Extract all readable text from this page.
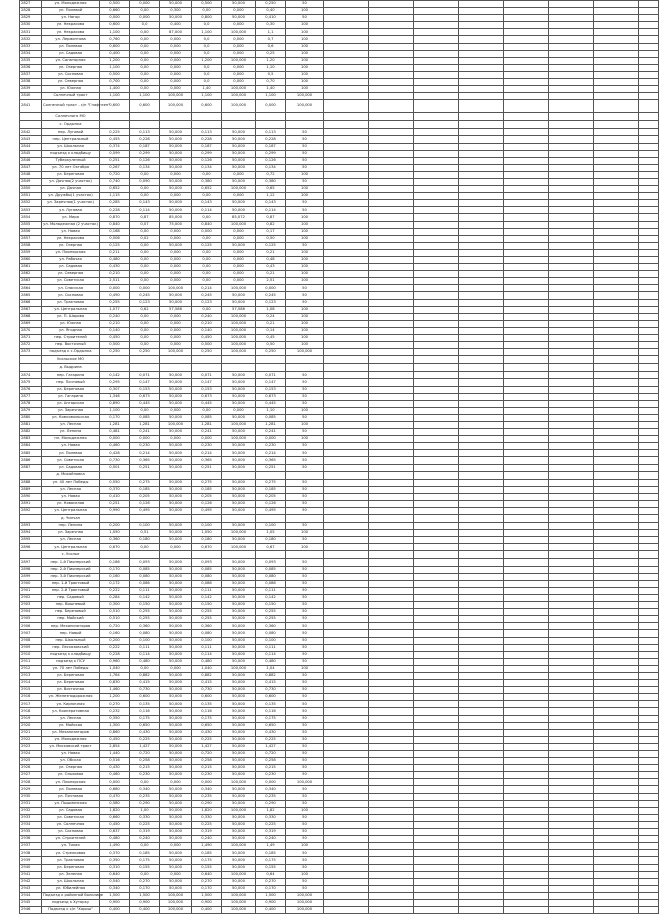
2827	ул. Молодежная	0,500	0,000	50,000	0,500	50,000	0,250	50								
2828	ул. Полевой	0,660	0,00	0,300	0,00	0,000	0,40	100								
2829	ул. Нагор	0,000	0,000	50,000	0,800	50,000	0,410	50								
2830	ул. Некрасова	0,600	0,0	0,400	0,0	0,000	0,30	100								
2831	ул. Некрасова	1,100	0,00	87,000	1,100	100,000	1,1	100								
2832	ул. Лермонтова	0,760	0,00	0,000	0,0	0,000	0,7	100								
2833	ул. Полевая	0,600	0,00	0,000	0,0	0,000	0,6	100								
2834	ул. Садовая	0,400	0,00	0,000	0,0	0,000	0,25	100								
2835	ул. Санаторная	1,200	0,00	0,000	1,200	100,000	1,20	100								
2836	ул. Озерная	1,100	0,00	0,000	0,0	0,000	1,10	100								
2837	ул. Сосновая	0,500	0,00	0,000	0,0	0,000	0,5	100								
2838	ул. Северная	0,700	0,00	0,000	0,0	0,000	0,70	100								
2839	ул. Южная	1,400	0,00	0,000	1,40	100,000	1,40	100								
2840	Солнечный тракт	1,100	1,100	100,000	1,100	100,000	1,100	100,000								
2841	Солнечный тракт - с/п "Гнафгеен"	0,600	0,600	100,000	0,600	100,000	0,000	100,000								
	Солнечного МО															
	с. Ордынка															
2842	пер. Луговой	0,225	0,113	50,000	0,113	50,000	0,113	50								
2843	пер. Центральный	0,455	0,228	50,000	0,228	50,000	0,228	50								
2844	ул. Школьная	0,374	0,187	50,000	0,187	50,000	0,187	50								
2845	подъезд к кладбищу	0,599	0,299	50,000	0,299	50,000	0,299	50								
2846	Туберкулезный	0,251	0,126	50,000	0,126	50,000	0,126	50								
2847	ул. 70 лет Октября	0,267	0,134	50,000	0,134	50,000	0,134	50								
2848	ул. Береговая	0,720	0,00	0,000	0,00	0,000	0,72	100								
2849	ул. Дачная(2 участок)	0,740	0,090	50,000	0,380	50,000	0,380	50								
2850	ул. Дачная	0,652	0,00	50,000	0,652	100,000	0,65	100								
2851	ул. Дружбы(1 участок)	1,115	0,00	0,000	0,00	0,000	1,12	100								
2852	ул. Заречная(1 участок)	0,285	0,143	50,000	0,143	50,000	0,143	50								
2853	ул. Луговая	0,228	0,114	50,000	0,114	50,000	0,114	50								
2854	ул. Мира	0,870	0,87	85,000	0,00	85,072	0,87	100								
2855	ул. Молодежная (2 участок)	0,840	0,07	75,000	0,840	100,000	0,82	100								
2856	ул. Новая	0,168	0,00	0,000	0,000	0,000	0,17	100								
2857	ул. Некрасова	0,506	0,02	0,000	0,00	0,000	0,50	100								
2858	ул. Озерная	0,125	0,00	50,000	0,125	50,000	0,125	50								
2859	ул. Пионерская	0,211	0,00	0,000	0,00	0,000	0,21	100								
2860	ул. Рабочая	0,480	0,00	0,000	0,00	0,000	0,48	100								
2861	ул. Садовая	0,430	0,00	0,000	0,00	0,000	0,43	100								
2862	ул. Северная	0,210	0,00	0,000	0,00	0,000	0,21	100								
2863	ул. Советская	2,511	0,00	0,000	0,00	0,000	2,51	100								
2864	ул. Спасская	0,000	0,000	100,000	0,214	100,000	0,000	50								
2865	ул. Сосновая	0,490	0,245	50,000	0,245	50,000	0,245	50								
2866	ул. Трактовая	0,255	0,123	50,000	0,123	50,000	0,123	50								
2867	ул. Центральная	1,077	0,62	57,586	0,00	57,586	1,08	100								
2868	ул. П. Шарова	0,240	0,00	0,000	0,240	100,000	0,24	100								
2869	ул. Южная	0,210	0,00	0,000	0,210	100,000	0,21	100								
2870	ул. Ягодная	0,140	0,00	0,000	0,140	100,000	0,14	100								
2871	пер. Строителей	0,450	0,00	0,000	0,450	100,000	0,45	100								
2872	пер. Восточный	0,500	0,00	0,000	0,500	100,000	0,50	100								
2873	подъезд к с.Ордынка	0,250	0,250	100,000	0,250	100,000	0,250	100,000								
	Усольское МО															
	д. Выдрина															
2874	пер. Гагарина	0,142	0,071	50,000	0,071	50,000	0,071	50								
2875	пер. Почтовый	0,295	0,147	50,000	0,147	50,000	0,147	50								
2876	ул. Береговая	0,307	0,153	50,000	0,153	50,000	0,153	50								
2877	ул. Гагарина	1,346	0,673	50,000	0,673	50,000	0,673	50								
2878	ул. Ангарская	0,890	0,445	50,000	0,445	50,000	0,445	50								
2879	ул. Заречная	1,100	0,00	0,000	0,00	0,000	1,10	100								
2880	ул. Комсомольская	0,170	0,085	50,000	0,085	50,000	0,085	50								
2881	ул. Лесная	1,281	1,281	100,000	1,281	100,000	1,281	100								
2882	ул. Ленина	0,481	0,241	50,000	0,241	50,000	0,241	50								
2883	пл. Молодежная	0,000	0,000	0,000	0,000	100,000	0,000	100								
2884	ул. Новая	0,460	0,230	50,000	0,230	50,000	0,230	50								
2885	ул. Полевая	0,428	0,214	50,000	0,214	50,000	0,214	50								
2886	ул. Советская	0,730	0,365	50,000	0,365	50,000	0,365	50								
2887	ул. Садовая	0,501	0,251	50,000	0,251	50,000	0,251	50								
	д. Михайловка															
2888	ул. 40 лет Победы	0,550	0,275	50,000	0,275	50,000	0,275	50								
2889	ул. Лесная	0,370	0,185	50,000	0,185	50,000	0,185	50								
2890	ул. Новая	0,410	0,205	50,000	0,205	50,000	0,205	50								
2891	ул. Новоселов	0,251	0,126	50,000	0,126	50,000	0,126	50								
2892	ул. Центральная	0,990	0,495	50,000	0,495	50,000	0,495	50								
	д. Чилчан															
2893	пер. Ленина	0,200	0,100	50,000	0,100	50,000	0,100	50								
2894	ул. Заречная	1,050	0,51	50,000	1,050	100,000	1,05	100								
2895	ул. Лесная	0,360	0,180	50,000	0,180	50,000	0,180	50								
2896	ул. Центральная	0,670	0,00	0,000	0,670	100,000	0,67	100								
	с. Усолье															
2897	пер. 1-й Пионерский	0,186	0,093	50,000	0,093	50,000	0,093	50								
2898	пер. 2-й Пионерский	0,170	0,085	50,000	0,085	50,000	0,085	50								
2899	пер. 3-й Пионерский	0,160	0,080	50,000	0,080	50,000	0,080	50								
2900	пер. 1-й Трактовый	0,172	0,086	50,000	0,086	50,000	0,086	50								
2901	пер. 2-й Трактовый	0,222	0,111	50,000	0,111	50,000	0,111	50								
2902	пер. Садовый	0,284	0,142	50,000	0,142	50,000	0,142	50								
2903	пер. Вишневый	0,300	0,150	50,000	0,150	50,000	0,150	50								
2904	пер. Березовый	0,510	0,255	50,000	0,255	50,000	0,255	50								
2905	пер. Майский	0,510	0,255	50,000	0,255	50,000	0,255	50								
2906	пер. Механизаторов	0,720	0,360	50,000	0,360	50,000	0,360	50								
2907	пер. Новый	0,160	0,080	50,000	0,080	50,000	0,080	50								
2908	пер. Школьный	0,200	0,100	50,000	0,100	50,000	0,100	50								
2909	пер. Лесхозовский	0,222	0,111	50,000	0,111	50,000	0,111	50								
2910	подъезд к кладбищу	0,228	0,114	50,000	0,114	50,000	0,114	50								
2911	подъезд к ПСУ	0,960	0,480	50,000	0,480	50,000	0,480	50								
2912	ул. 70 лет Победы	1,040	0,00	0,000	1,040	100,000	1,04	100								
2913	ул. Береговая	1,764	0,882	50,000	0,882	50,000	0,882	50								
2914	ул. Береговая	0,830	0,415	50,000	0,415	50,000	0,415	50								
2915	ул. Восточная	1,460	0,730	50,000	0,730	50,000	0,730	50								
2916	ул. Железнодорожная	1,200	0,600	50,000	0,600	50,000	0,600	50								
2917	ул. Кирпичная	0,270	0,135	50,000	0,135	50,000	0,135	50								
2918	ул. Кооперативная	0,232	0,116	50,000	0,116	50,000	0,116	50								
2919	ул. Лесная	0,350	0,175	50,000	0,175	50,000	0,175	50								
2920	ул. Майская	1,300	0,650	50,000	0,650	50,000	0,650	50								
2921	ул. Механизаторов	0,860	0,430	50,000	0,430	50,000	0,430	50								
2922	ул. Молодежная	0,450	0,225	50,000	0,225	50,000	0,225	50								
2923	ул. Московский тракт	2,854	1,427	50,000	1,427	50,000	1,427	50								
2924	ул. Новая	1,440	0,720	50,000	0,720	50,000	0,720	50								
2925	ул. Обская	0,516	0,258	50,000	0,258	50,000	0,258	50								
2926	ул. Озерная	0,430	0,215	50,000	0,215	50,000	0,215	50								
2927	ул. Ольховая	0,460	0,230	50,000	0,230	50,000	0,230	50								
2928	ул. Пионерская	0,000	0,00	0,000	0,000	100,000	0,000	100,000								
2929	ул. Полевая	0,680	0,340	50,000	0,340	50,000	0,340	50								
2930	ул. Почтовая	0,470	0,235	50,000	0,235	50,000	0,235	50								
2931	ул. Пышминская	0,580	0,290	50,000	0,290	50,000	0,290	50								
2932	ул. Садовая	1,820	1,00	50,000	1,820	100,000	1,82	100								
2933	ул. Советская	0,660	0,330	50,000	0,330	50,000	0,330	50								
2934	ул. Солнечная	0,450	0,225	50,000	0,225	50,000	0,225	50								
2935	ул. Сосновая	0,637	0,319	50,000	0,319	50,000	0,319	50								
2936	ул. Строителей	0,480	0,240	50,000	0,240	50,000	0,240	50								
2937	ул. Тихая	1,490	0,00	0,000	1,490	100,000	1,49	100								
2938	ул. Стрелковая	0,370	0,185	50,000	0,185	50,000	0,185	50								
2939	ул. Трактовая	0,350	0,175	50,000	0,175	50,000	0,175	50								
2940	ул. Береговая	0,310	0,155	50,000	0,155	50,000	0,155	50								
2941	ул. Зеленая	0,640	0,00	0,000	0,640	100,000	0,64	100								
2942	ул. Школьная	0,540	0,270	50,000	0,270	50,000	0,270	50								
2943	ул. Юбилейная	0,340	0,170	50,000	0,170	50,000	0,170	50								
2944	Подъезд к районной больнице	1,500	1,500	100,000	1,500	100,000	1,500	100,000								
2945	подъезд к Хуторку	0,900	0,900	100,000	0,900	100,000	0,900	100,000								
2946	Подъезд к с/п "Хорош"	0,400	0,400	100,000	0,400	100,000	0,400	100,000								
